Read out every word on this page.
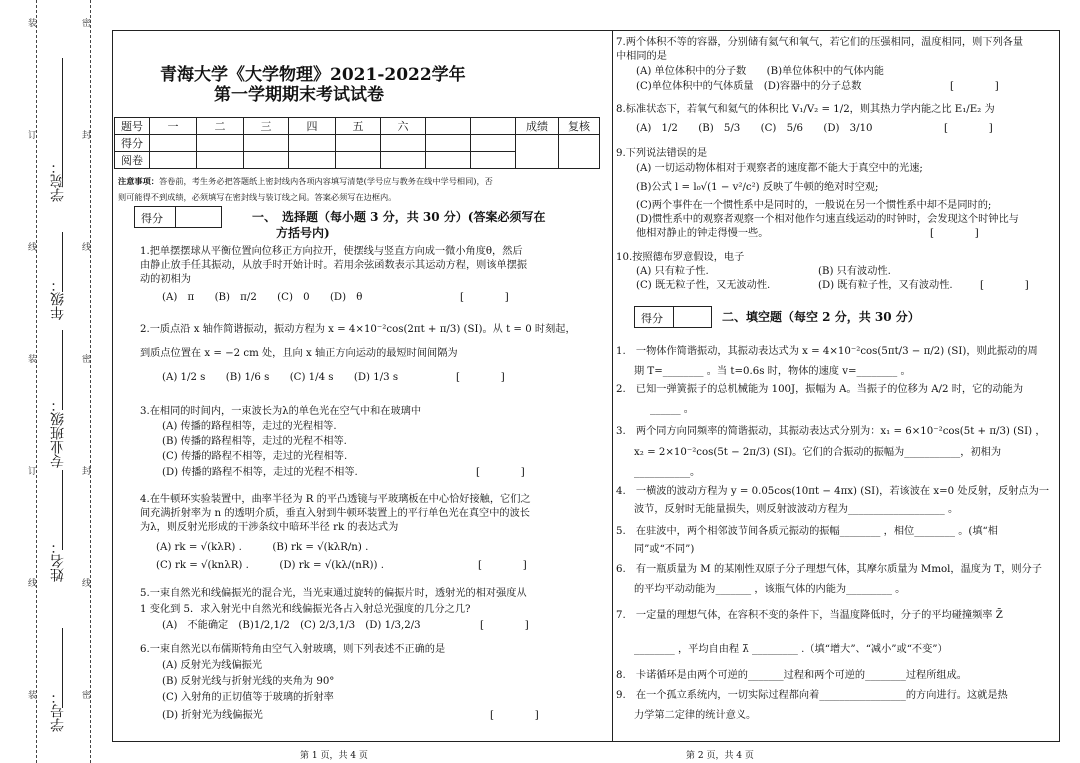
学院：
年级：
专业班级：
姓名：
学号：
装
订
线
装
订
线
装
密
封
线
密
封
线
密
青海大学《大学物理》2021-2022学年
第一学期期末考试试卷
题号	一	二	三	四	五	六			成绩	复核
得分										
阅卷										
注意事项：答卷前，考生务必把答题纸上密封线内各项内容填写清楚(学号应与教务在线中学号相同)，否
则可能得不到成绩，必须填写在密封线与装订线之间。答案必须写在边框内。
得分	一、　选择题（每小题 3 分，共 30 分）(答案必须写在
方括号内)
1.把单摆摆球从平衡位置向位移正方向拉开，使摆线与竖直方向成一微小角度θ，然后
由静止放手任其振动，从放手时开始计时。若用余弦函数表示其运动方程，则该单摆振
动的初相为
(A)　π　　(B)　π/2　　(C)　0　　(D)　θ	[　　　　]
2.一质点沿 x 轴作简谐振动，振动方程为 x = 4×10⁻²cos(2πt + π/3) (SI)。从 t = 0 时刻起，
到质点位置在 x = −2 cm 处，且向 x 轴正方向运动的最短时间间隔为
(A) 1/2 s　　(B) 1/6 s　　(C) 1/4 s　　(D) 1/3 s	[　　　　]
3.在相同的时间内，一束波长为λ的单色光在空气中和在玻璃中
(A) 传播的路程相等，走过的光程相等.
(B) 传播的路程相等，走过的光程不相等.
(C) 传播的路程不相等，走过的光程相等.
(D) 传播的路程不相等，走过的光程不相等.	[　　　　]
4.在牛顿环实验装置中，曲率半径为 R 的平凸透镜与平玻璃板在中心恰好接触，它们之
间充满折射率为 n 的透明介质，垂直入射到牛顿环装置上的平行单色光在真空中的波长
为λ，则反射光形成的干涉条纹中暗环半径 rk 的表达式为
(A) rk = √(kλR) .　　　(B) rk = √(kλR/n) .
(C) rk = √(knλR) .　　　(D) rk = √(kλ/(nR)) .	[　　　　]
5.一束自然光和线偏振光的混合光，当光束通过旋转的偏振片时，透射光的相对强度从
1 变化到 5．求入射光中自然光和线偏振光各占入射总光强度的几分之几?
(A)　不能确定　(B)1/2,1/2　(C) 2/3,1/3　(D) 1/3,2/3	[　　　　]
6.一束自然光以布儒斯特角由空气入射玻璃，则下列表述不正确的是
(A) 反射光为线偏振光
(B) 反射光线与折射光线的夹角为 90°
(C) 入射角的正切值等于玻璃的折射率
(D) 折射光为线偏振光	[　　　　]
7.两个体积不等的容器，分别储有氦气和氧气，若它们的压强相同，温度相同，则下列各量
中相同的是
(A) 单位体积中的分子数　　(B)单位体积中的气体内能
(C)单位体积中的气体质量　(D)容器中的分子总数	[　　　　]
8.标准状态下，若氧气和氦气的体积比 V₁/V₂ = 1/2，则其热力学内能之比 E₁/E₂ 为
(A)　1/2　　(B)　5/3　　(C)　5/6　　(D)　3/10	[　　　　]
9.下列说法错误的是
(A) 一切运动物体相对于观察者的速度都不能大于真空中的光速;
(B)公式 l = l₀√(1 − v²/c²) 反映了牛顿的绝对时空观;
(C)两个事件在一个惯性系中是同时的，一般说在另一个惯性系中却不是同时的;
(D)惯性系中的观察者观察一个相对他作匀速直线运动的时钟时，会发现这个时钟比与
他相对静止的钟走得慢一些。	[　　　　]
10.按照德布罗意假设，电子
(A) 只有粒子性.	(B) 只有波动性.
(C) 既无粒子性，又无波动性.	(D) 既有粒子性，又有波动性.	[　　　　]
得分	二、填空题（每空 2 分，共 30 分）
1.　一物体作简谐振动，其振动表达式为 x = 4×10⁻²cos(5πt/3 − π/2) (SI)，则此振动的周
期 T=________ 。当 t=0.6s 时，物体的速度 v=________ 。
2.　已知一弹簧振子的总机械能为 100J，振幅为 A。当振子的位移为 A/2 时，它的动能为
______ 。
3.　两个同方向同频率的简谐振动，其振动表达式分别为：x₁ = 6×10⁻²cos(5t + π/3) (SI) ，
x₂ = 2×10⁻²cos(5t − 2π/3) (SI)。它们的合振动的振幅为___________，初相为
___________。
4.　一横波的波动方程为 y = 0.05cos(10πt − 4πx) (SI)，若该波在 x=0 处反射，反射点为一
波节，反射时无能量损失，则反射波波动方程为___________________ 。
5.　在驻波中，两个相邻波节间各质元振动的振幅________ ，相位________ 。(填“相
同”或“不同”)
6.　有一瓶质量为 M 的某刚性双原子分子理想气体，其摩尔质量为 Mmol，温度为 T，则分子
的平均平动动能为_______ ，该瓶气体的内能为_________ 。
7.　一定量的理想气体，在容积不变的条件下，当温度降低时，分子的平均碰撞频率 Z̄
________ ，平均自由程 λ̄ _________ .（填“增大”、“减小”或“不变”）
8.　卡诺循环是由两个可逆的_______过程和两个可逆的________过程所组成。
9.　在一个孤立系统内，一切实际过程都向着_________________的方向进行。这就是热
力学第二定律的统计意义。
第 1 页，共 4 页	第 2 页，共 4 页
